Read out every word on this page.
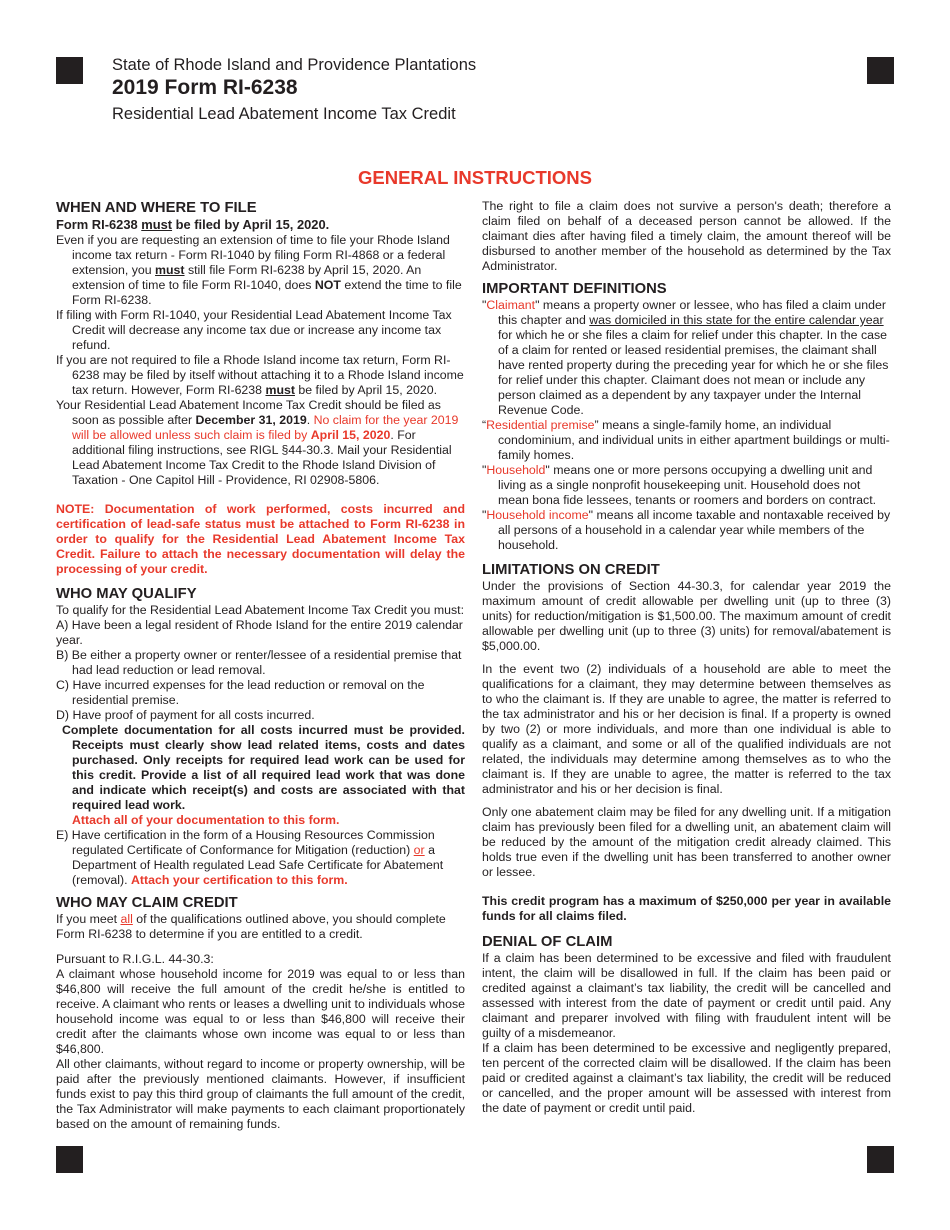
State of Rhode Island and Providence Plantations
2019 Form RI-6238
Residential Lead Abatement Income Tax Credit
GENERAL INSTRUCTIONS
WHEN AND WHERE TO FILE

Form RI-6238 must be filed by April 15, 2020.

Even if you are requesting an extension of time to file your Rhode Island income tax return - Form RI-1040 by filing Form RI-4868 or a federal extension, you must still file Form RI-6238 by April 15, 2020. An extension of time to file Form RI-1040, does NOT extend the time to file Form RI-6238.

If filing with Form RI-1040, your Residential Lead Abatement Income Tax Credit will decrease any income tax due or increase any income tax refund.

If you are not required to file a Rhode Island income tax return, Form RI-6238 may be filed by itself without attaching it to a Rhode Island income tax return. However, Form RI-6238 must be filed by April 15, 2020.

Your Residential Lead Abatement Income Tax Credit should be filed as soon as possible after December 31, 2019. No claim for the year 2019 will be allowed unless such claim is filed by April 15, 2020. For additional filing instructions, see RIGL §44-30.3. Mail your Residential Lead Abatement Income Tax Credit to the Rhode Island Division of Taxation - One Capitol Hill - Providence, RI 02908-5806.

NOTE: Documentation of work performed, costs incurred and certification of lead-safe status must be attached to Form RI-6238 in order to qualify for the Residential Lead Abatement Income Tax Credit. Failure to attach the necessary documentation will delay the processing of your credit.

WHO MAY QUALIFY

To qualify for the Residential Lead Abatement Income Tax Credit you must:

A) Have been a legal resident of Rhode Island for the entire 2019 calendar year.

B) Be either a property owner or renter/lessee of a residential premise that had lead reduction or lead removal.

C) Have incurred expenses for the lead reduction or removal on the residential premise.

D) Have proof of payment for all costs incurred.

Complete documentation for all costs incurred must be provided. Receipts must clearly show lead related items, costs and dates purchased. Only receipts for required lead work can be used for this credit. Provide a list of all required lead work that was done and indicate which receipt(s) and costs are associated with that required lead work.

Attach all of your documentation to this form.

E) Have certification in the form of a Housing Resources Commission regulated Certificate of Conformance for Mitigation (reduction) or a Department of Health regulated Lead Safe Certificate for Abatement (removal). Attach your certification to this form.

WHO MAY CLAIM CREDIT

If you meet all of the qualifications outlined above, you should complete Form RI-6238 to determine if you are entitled to a credit.

Pursuant to R.I.G.L. 44-30.3:

A claimant whose household income for 2019 was equal to or less than $46,800 will receive the full amount of the credit he/she is entitled to receive. A claimant who rents or leases a dwelling unit to individuals whose household income was equal to or less than $46,800 will receive their credit after the claimants whose own income was equal to or less than $46,800.

All other claimants, without regard to income or property ownership, will be paid after the previously mentioned claimants. However, if insufficient funds exist to pay this third group of claimants the full amount of the credit, the Tax Administrator will make payments to each claimant proportionately based on the amount of remaining funds.

The right to file a claim does not survive a person's death; therefore a claim filed on behalf of a deceased person cannot be allowed. If the claimant dies after having filed a timely claim, the amount thereof will be disbursed to another member of the household as determined by the Tax Administrator.

IMPORTANT DEFINITIONS

"Claimant" means a property owner or lessee, who has filed a claim under this chapter and was domiciled in this state for the entire calendar year for which he or she files a claim for relief under this chapter. In the case of a claim for rented or leased residential premises, the claimant shall have rented property during the preceding year for which he or she files for relief under this chapter. Claimant does not mean or include any person claimed as a dependent by any taxpayer under the Internal Revenue Code.

“Residential premise” means a single-family home, an individual condominium, and individual units in either apartment buildings or multi-family homes.

"Household" means one or more persons occupying a dwelling unit and living as a single nonprofit housekeeping unit. Household does not mean bona fide lessees, tenants or roomers and borders on contract.

"Household income" means all income taxable and nontaxable received by all persons of a household in a calendar year while members of the household.

LIMITATIONS ON CREDIT

Under the provisions of Section 44-30.3, for calendar year 2019 the maximum amount of credit allowable per dwelling unit (up to three (3) units) for reduction/mitigation is $1,500.00. The maximum amount of credit allowable per dwelling unit (up to three (3) units) for removal/abatement is $5,000.00.

In the event two (2) individuals of a household are able to meet the qualifications for a claimant, they may determine between themselves as to who the claimant is. If they are unable to agree, the matter is referred to the tax administrator and his or her decision is final. If a property is owned by two (2) or more individuals, and more than one individual is able to qualify as a claimant, and some or all of the qualified individuals are not related, the individuals may determine among themselves as to who the claimant is. If they are unable to agree, the matter is referred to the tax administrator and his or her decision is final.

Only one abatement claim may be filed for any dwelling unit. If a mitigation claim has previously been filed for a dwelling unit, an abatement claim will be reduced by the amount of the mitigation credit already claimed. This holds true even if the dwelling unit has been transferred to another owner or lessee.

This credit program has a maximum of $250,000 per year in available funds for all claims filed.

DENIAL OF CLAIM

If a claim has been determined to be excessive and filed with fraudulent intent, the claim will be disallowed in full. If the claim has been paid or credited against a claimant’s tax liability, the credit will be cancelled and assessed with interest from the date of payment or credit until paid. Any claimant and preparer involved with filing with fraudulent intent will be guilty of a misdemeanor.

If a claim has been determined to be excessive and negligently prepared, ten percent of the corrected claim will be disallowed. If the claim has been paid or credited against a claimant’s tax liability, the credit will be reduced or cancelled, and the proper amount will be assessed with interest from the date of payment or credit until paid.
